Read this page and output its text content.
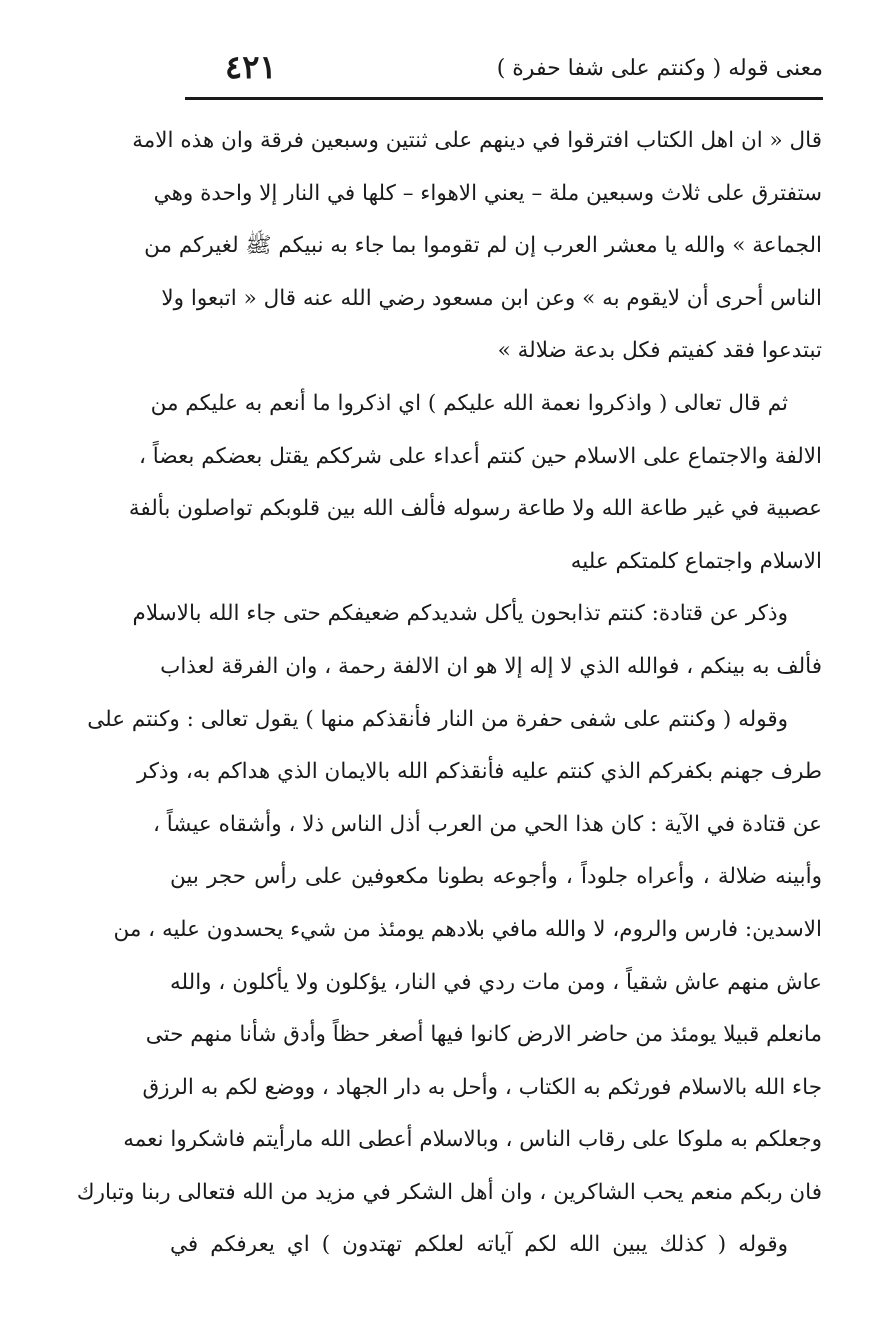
معنى قوله ( وكنتم على شفا حفرة )
٤٢١
قال « ان اهل الكتاب افترقوا في دينهم على ثنتين وسبعين فرقة وان هذه الامة
ستفترق على ثلاث وسبعين ملة – يعني الاهواء – كلها في النار إلا واحدة وهي
الجماعة » والله يا معشر العرب إن لم تقوموا بما جاء به نبيكم ﷺ لغيركم من
الناس أحرى أن لايقوم به » وعن ابن مسعود رضي الله عنه قال « اتبعوا ولا
تبتدعوا فقد كفيتم فكل بدعة ضلالة »
ثم قال تعالى ( واذكروا نعمة الله عليكم ) اي اذكروا ما أنعم به عليكم من
الالفة والاجتماع على الاسلام حين كنتم أعداء على شرككم يقتل بعضكم بعضاً ،
عصبية في غير طاعة الله ولا طاعة رسوله فألف الله بين قلوبكم تواصلون بألفة
الاسلام واجتماع كلمتكم عليه
وذكر عن قتادة: كنتم تذابحون يأكل شديدكم ضعيفكم حتى جاء الله بالاسلام
فألف به بينكم ، فوالله الذي لا إله إلا هو ان الالفة رحمة ، وان الفرقة لعذاب
وقوله ( وكنتم على شفى حفرة من النار فأنقذكم منها ) يقول تعالى : وكنتم على
طرف جهنم بكفركم الذي كنتم عليه فأنقذكم الله بالايمان الذي هداكم به، وذكر
عن قتادة في الآية : كان هذا الحي من العرب أذل الناس ذلا ، وأشقاه عيشاً ،
وأبينه ضلالة ، وأعراه جلوداً ، وأجوعه بطونا مكعوفين على رأس حجر بين
الاسدين: فارس والروم، لا والله مافي بلادهم يومئذ من شيء يحسدون عليه ، من
عاش منهم عاش شقياً ، ومن مات ردي في النار، يؤكلون ولا يأكلون ، والله
مانعلم قبيلا يومئذ من حاضر الارض كانوا فيها أصغر حظاً وأدق شأنا منهم حتى
جاء الله بالاسلام فورثكم به الكتاب ، وأحل به دار الجهاد ، ووضع لكم به الرزق
وجعلكم به ملوكا على رقاب الناس ، وبالاسلام أعطى الله مارأيتم فاشكروا نعمه
فان ربكم منعم يحب الشاكرين ، وان أهل الشكر في مزيد من الله فتعالى ربنا وتبارك
وقوله ( كذلك يبين الله لكم آياته لعلكم تهتدون ) اي يعرفكم في
